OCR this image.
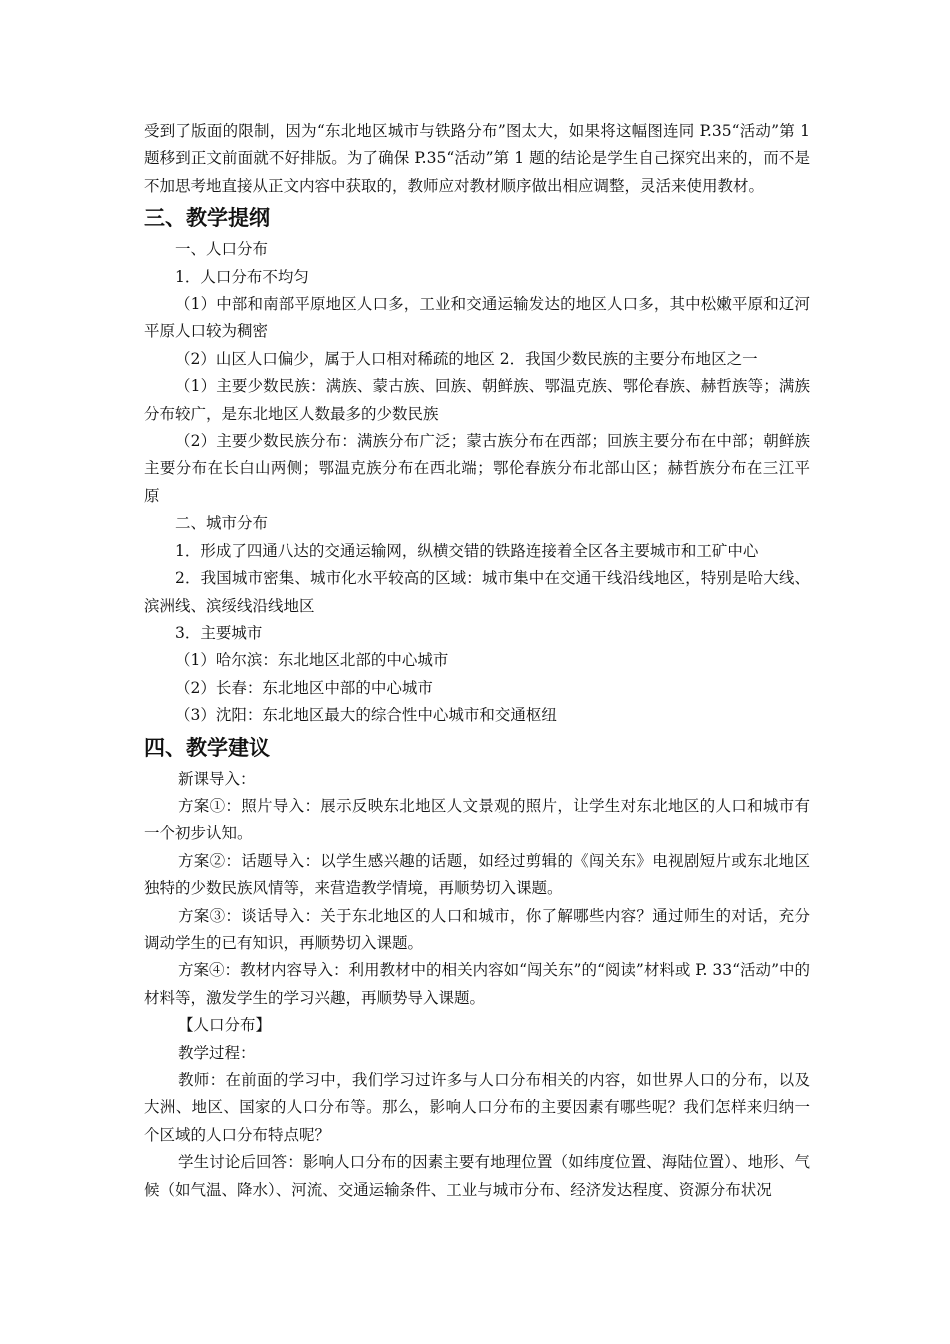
受到了版面的限制，因为“东北地区城市与铁路分布”图太大，如果将这幅图连同 P.35“活动”第 1 题移到正文前面就不好排版。为了确保 P.35“活动”第 1 题的结论是学生自己探究出来的，而不是不加思考地直接从正文内容中获取的，教师应对教材顺序做出相应调整，灵活来使用教材。

三、教学提纲

一、人口分布

1．人口分布不均匀

（1）中部和南部平原地区人口多，工业和交通运输发达的地区人口多，其中松嫩平原和辽河平原人口较为稠密

（2）山区人口偏少，属于人口相对稀疏的地区 2．我国少数民族的主要分布地区之一

（1）主要少数民族：满族、蒙古族、回族、朝鲜族、鄂温克族、鄂伦春族、赫哲族等；满族分布较广，是东北地区人数最多的少数民族

（2）主要少数民族分布：满族分布广泛；蒙古族分布在西部；回族主要分布在中部；朝鲜族主要分布在长白山两侧；鄂温克族分布在西北端；鄂伦春族分布北部山区；赫哲族分布在三江平原

二、城市分布

1．形成了四通八达的交通运输网，纵横交错的铁路连接着全区各主要城市和工矿中心

2．我国城市密集、城市化水平较高的区域：城市集中在交通干线沿线地区，特别是哈大线、滨洲线、滨绥线沿线地区

3．主要城市

（1）哈尔滨：东北地区北部的中心城市

（2）长春：东北地区中部的中心城市

（3）沈阳：东北地区最大的综合性中心城市和交通枢纽

四、教学建议

新课导入：

方案①：照片导入：展示反映东北地区人文景观的照片，让学生对东北地区的人口和城市有一个初步认知。

方案②：话题导入：以学生感兴趣的话题，如经过剪辑的《闯关东》电视剧短片或东北地区独特的少数民族风情等，来营造教学情境，再顺势切入课题。

方案③：谈话导入：关于东北地区的人口和城市，你了解哪些内容？通过师生的对话，充分调动学生的已有知识，再顺势切入课题。

方案④：教材内容导入：利用教材中的相关内容如“闯关东”的“阅读”材料或 P. 33“活动”中的材料等，激发学生的学习兴趣，再顺势导入课题。

【人口分布】

教学过程：

教师：在前面的学习中，我们学习过许多与人口分布相关的内容，如世界人口的分布，以及大洲、地区、国家的人口分布等。那么，影响人口分布的主要因素有哪些呢？我们怎样来归纳一个区域的人口分布特点呢？

学生讨论后回答：影响人口分布的因素主要有地理位置（如纬度位置、海陆位置）、地形、气候（如气温、降水）、河流、交通运输条件、工业与城市分布、经济发达程度、资源分布状况
